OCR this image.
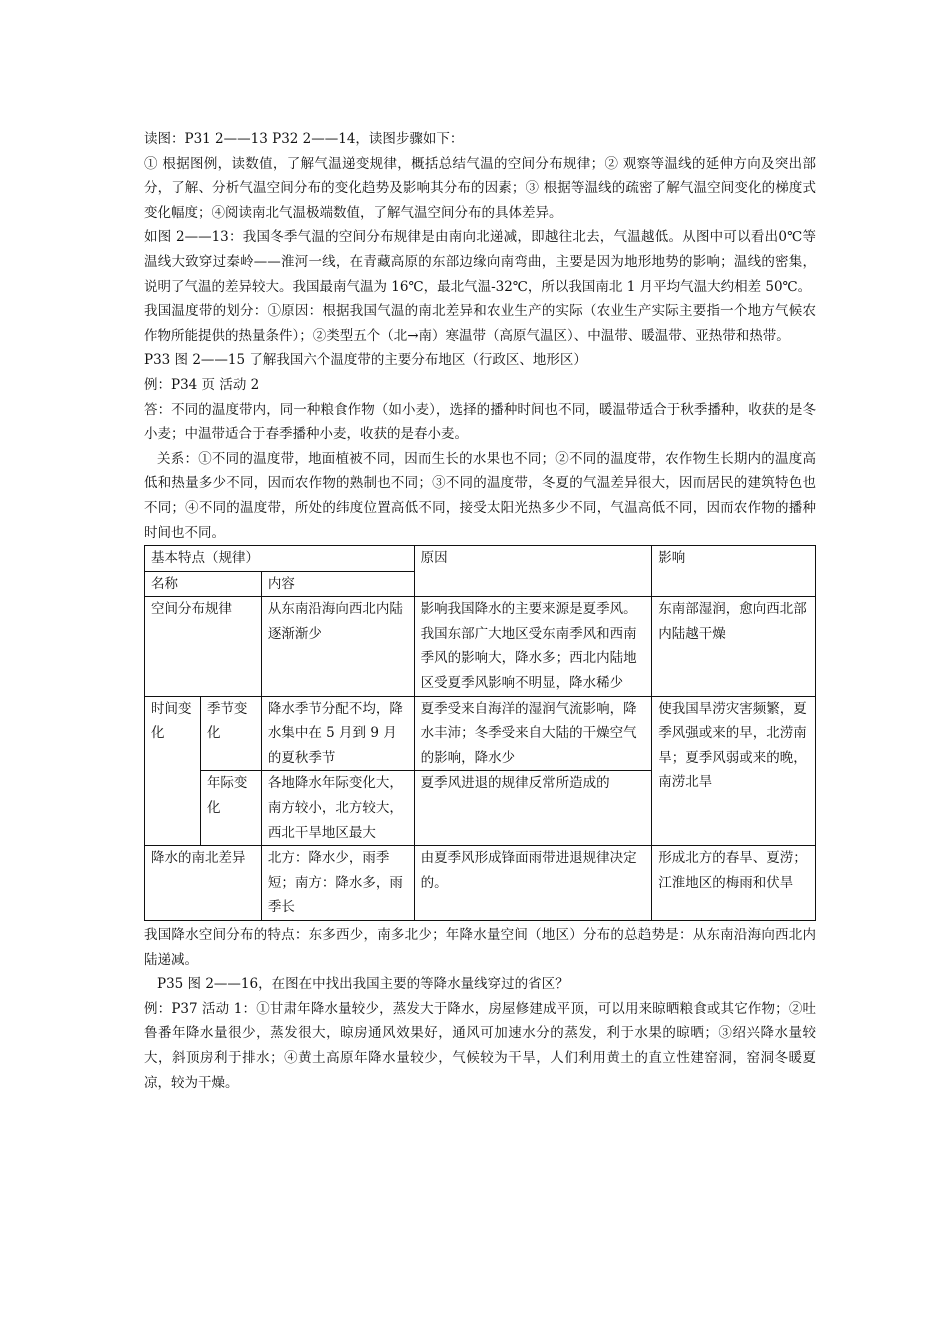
读图：P31 2——13 P32 2——14，读图步骤如下：

① 根据图例，读数值，了解气温递变规律，概括总结气温的空间分布规律；② 观察等温线的延伸方向及突出部分，了解、分析气温空间分布的变化趋势及影响其分布的因素；③ 根据等温线的疏密了解气温空间变化的梯度式变化幅度；④阅读南北气温极端数值，了解气温空间分布的具体差异。

如图 2——13：我国冬季气温的空间分布规律是由南向北递减，即越往北去，气温越低。从图中可以看出0℃等温线大致穿过秦岭——淮河一线，在青藏高原的东部边缘向南弯曲，主要是因为地形地势的影响；温线的密集，说明了气温的差异较大。我国最南气温为 16℃，最北气温-32℃，所以我国南北 1 月平均气温大约相差 50℃。

我国温度带的划分：①原因：根据我国气温的南北差异和农业生产的实际（农业生产实际主要指一个地方气候农作物所能提供的热量条件）；②类型五个（北→南）寒温带（高原气温区）、中温带、暖温带、亚热带和热带。

P33 图 2——15 了解我国六个温度带的主要分布地区（行政区、地形区）

例：P34 页 活动 2

答：不同的温度带内，同一种粮食作物（如小麦），选择的播种时间也不同，暖温带适合于秋季播种，收获的是冬小麦；中温带适合于春季播种小麦，收获的是春小麦。

关系：①不同的温度带，地面植被不同，因而生长的水果也不同；②不同的温度带，农作物生长期内的温度高低和热量多少不同，因而农作物的熟制也不同；③不同的温度带，冬夏的气温差异很大，因而居民的建筑特色也不同；④不同的温度带，所处的纬度位置高低不同，接受太阳光热多少不同，气温高低不同，因而农作物的播种时间也不同。

基本特点（规律）			原因	影响
名称		内容		
空间分布规律		从东南沿海向西北内陆逐渐渐少	影响我国降水的主要来源是夏季风。我国东部广大地区受东南季风和西南季风的影响大，降水多；西北内陆地区受夏季风影响不明显，降水稀少	东南部湿润，愈向西北部内陆越干燥
时间变化	季节变化	降水季节分配不均，降水集中在 5 月到 9 月的夏秋季节	夏季受来自海洋的湿润气流影响，降水丰沛；冬季受来自大陆的干燥空气的影响，降水少	使我国旱涝灾害频繁，夏季风强或来的早，北涝南旱；夏季风弱或来的晚，南涝北旱
	年际变化	各地降水年际变化大，南方较小，北方较大，西北干旱地区最大	夏季风进退的规律反常所造成的	
降水的南北差异		北方：降水少，雨季短；南方：降水多，雨季长	由夏季风形成锋面雨带进退规律决定的。	形成北方的春旱、夏涝；江淮地区的梅雨和伏旱

我国降水空间分布的特点：东多西少，南多北少；年降水量空间（地区）分布的总趋势是：从东南沿海向西北内陆递减。

P35 图 2——16，在图在中找出我国主要的等降水量线穿过的省区？

例：P37 活动 1：①甘肃年降水量较少，蒸发大于降水，房屋修建成平顶，可以用来晾晒粮食或其它作物；②吐鲁番年降水量很少，蒸发很大，晾房通风效果好，通风可加速水分的蒸发，利于水果的晾晒；③绍兴降水量较大，斜顶房利于排水；④黄土高原年降水量较少，气候较为干旱，人们利用黄土的直立性建窑洞，窑洞冬暖夏凉，较为干燥。
